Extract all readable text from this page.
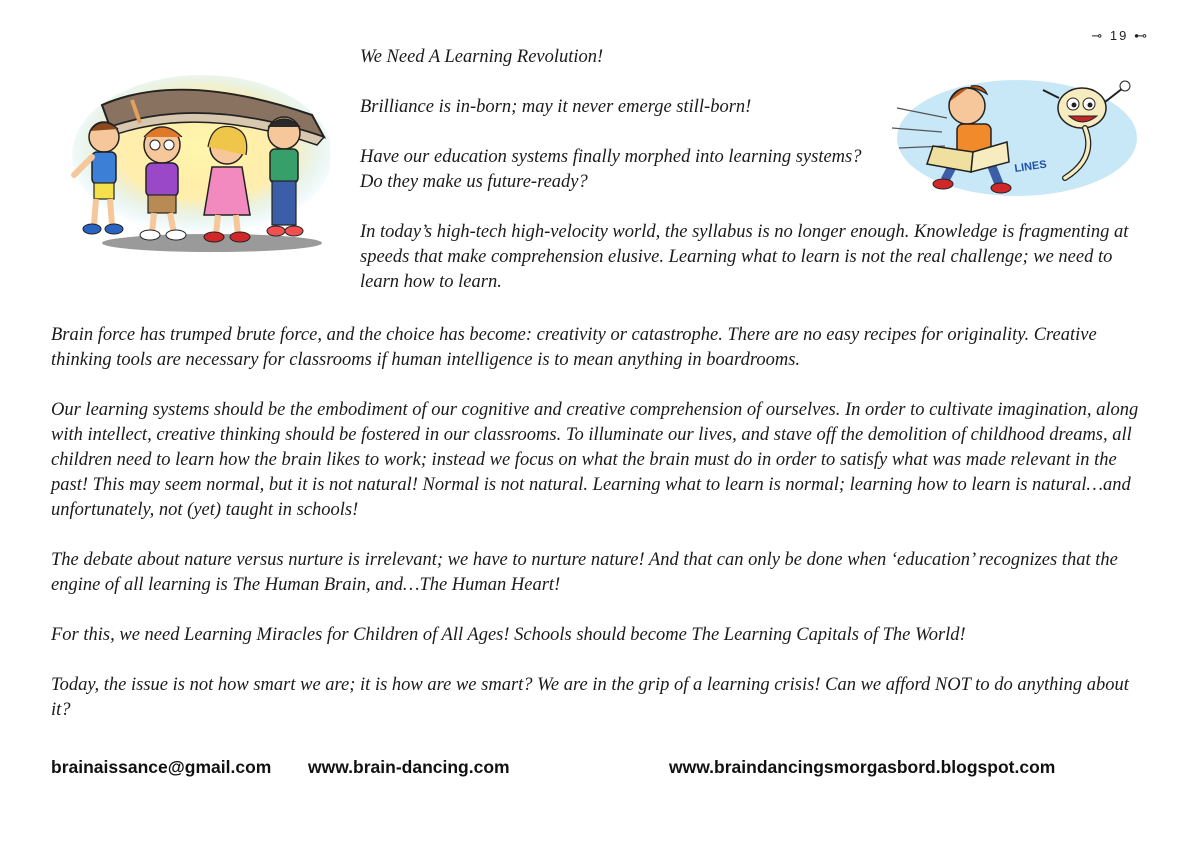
⊸ 19 ⊷
LINES

We Need A Learning Revolution!

Brilliance is in-born; may it never emerge still-born!

Have our education systems finally morphed into learning systems? Do they make us future-ready?

In today’s high-tech high-velocity world, the syllabus is no longer enough. Knowledge is fragmenting at speeds that make comprehension elusive. Learning what to learn is not the real challenge; we need to learn how to learn.

Brain force has trumped brute force, and the choice has become: creativity or catastrophe. There are no easy recipes for originality. Creative thinking tools are necessary for classrooms if human intelligence is to mean anything in boardrooms.

Our learning systems should be the embodiment of our cognitive and creative comprehension of ourselves. In order to cultivate imagination, along with intellect, creative thinking should be fostered in our classrooms. To illuminate our lives, and stave off the demolition of childhood dreams, all children need to learn how the brain likes to work; instead we focus on what the brain must do in order to satisfy what was made relevant in the past! This may seem normal, but it is not natural! Normal is not natural. Learning what to learn is normal; learning how to learn is natural…and unfortunately, not (yet) taught in schools!

The debate about nature versus nurture is irrelevant; we have to nurture nature! And that can only be done when ‘education’ recognizes that the engine of all learning is The Human Brain, and…The Human Heart!

For this, we need Learning Miracles for Children of All Ages! Schools should become The Learning Capitals of The World!

Today, the issue is not how smart we are; it is how are we smart? We are in the grip of a learning crisis! Can we afford NOT to do anything about it?

brainaissance@gmail.com www.brain-dancing.com	www.braindancingsmorgasbord.blogspot.com
